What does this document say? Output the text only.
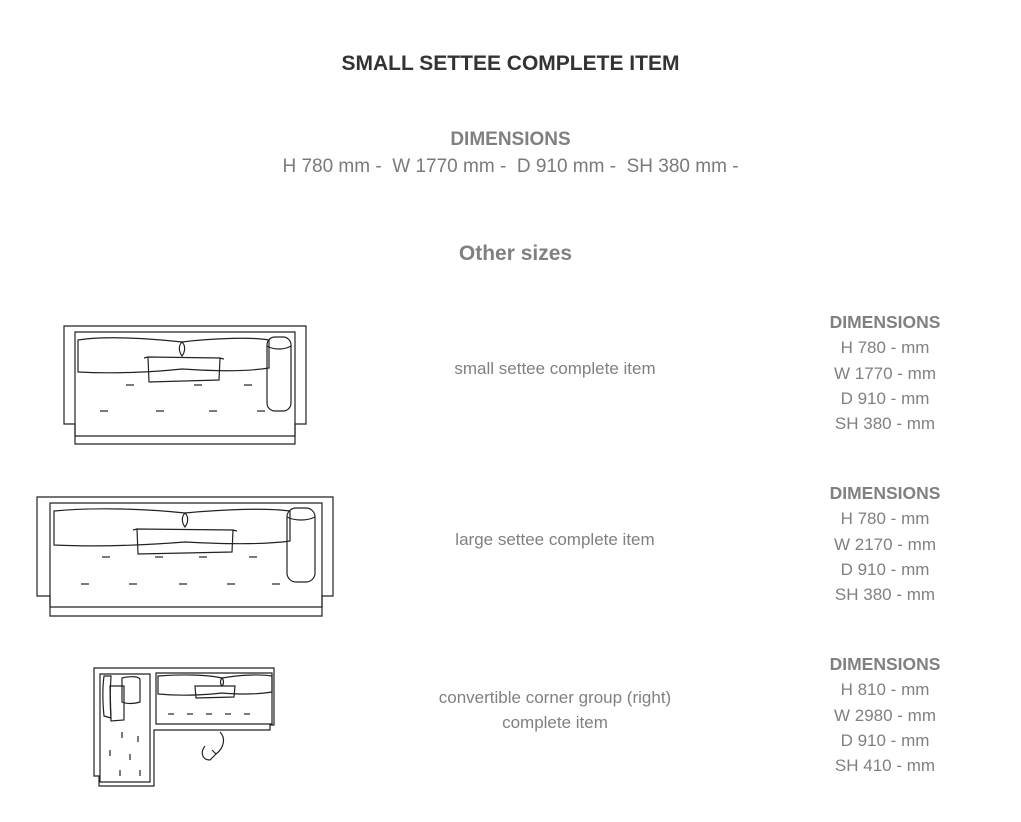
SMALL SETTEE COMPLETE ITEM
DIMENSIONS
H 780 mm -  W 1770 mm -  D 910 mm -  SH 380 mm -
Other sizes
small settee complete item
DIMENSIONS
H 780 - mm
W 1770 - mm
D 910 - mm
SH 380 - mm
large settee complete item
DIMENSIONS
H 780 - mm
W 2170 - mm
D 910 - mm
SH 380 - mm
convertible corner group (right)
complete item
DIMENSIONS
H 810 - mm
W 2980 - mm
D 910 - mm
SH 410 - mm
